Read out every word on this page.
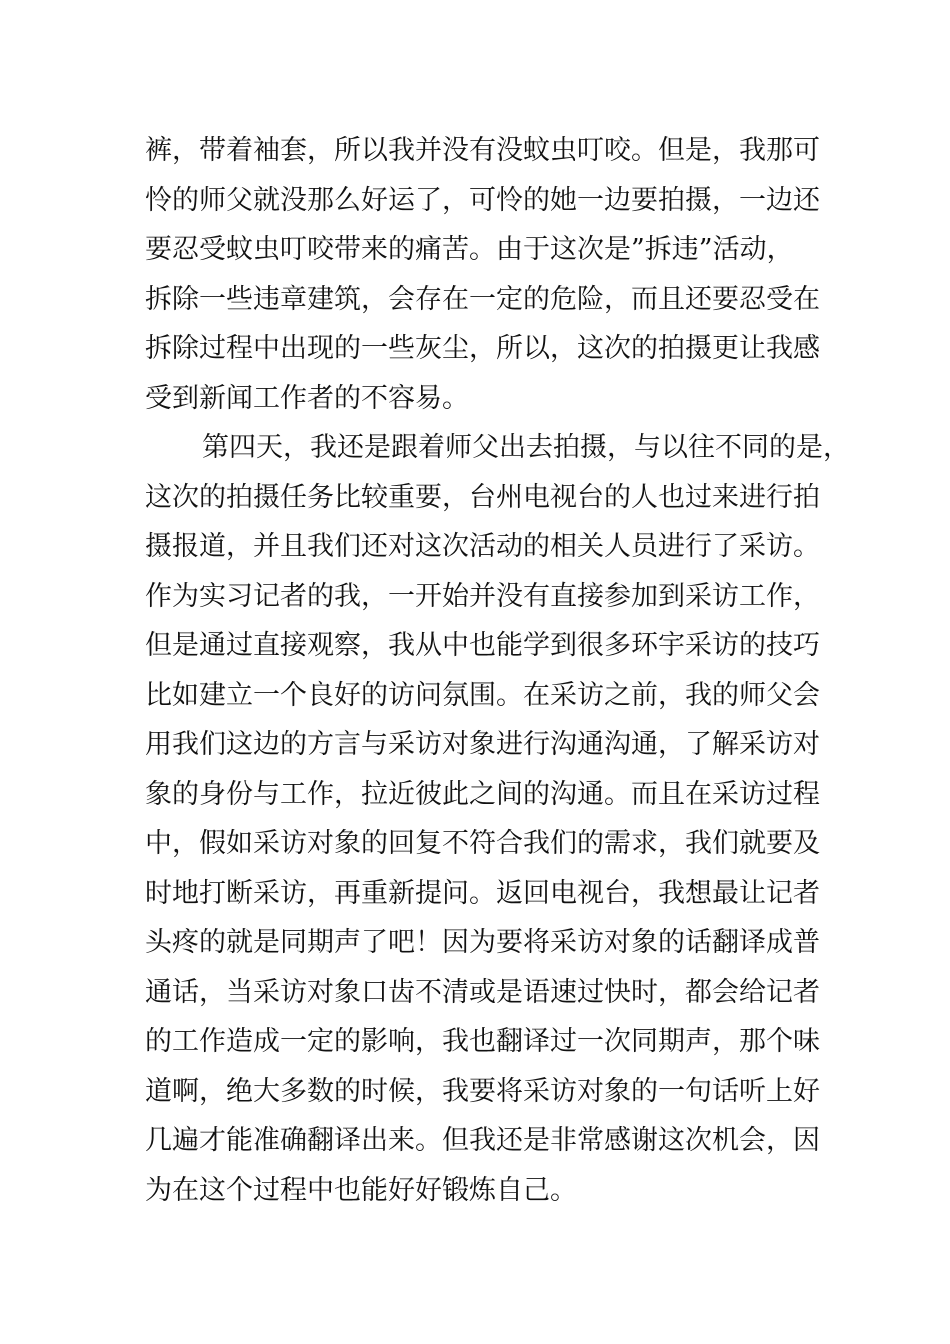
裤，带着袖套，所以我并没有没蚊虫叮咬。但是，我那可
怜的师父就没那么好运了，可怜的她一边要拍摄，一边还
要忍受蚊虫叮咬带来的痛苦。由于这次是”拆违”活动，
拆除一些违章建筑，会存在一定的危险，而且还要忍受在
拆除过程中出现的一些灰尘，所以，这次的拍摄更让我感
受到新闻工作者的不容易。
第四天，我还是跟着师父出去拍摄，与以往不同的是，
这次的拍摄任务比较重要，台州电视台的人也过来进行拍
摄报道，并且我们还对这次活动的相关人员进行了采访。
作为实习记者的我，一开始并没有直接参加到采访工作，
但是通过直接观察，我从中也能学到很多环宇采访的技巧
比如建立一个良好的访问氛围。在采访之前，我的师父会
用我们这边的方言与采访对象进行沟通沟通，了解采访对
象的身份与工作，拉近彼此之间的沟通。而且在采访过程
中，假如采访对象的回复不符合我们的需求，我们就要及
时地打断采访，再重新提问。返回电视台，我想最让记者
头疼的就是同期声了吧！因为要将采访对象的话翻译成普
通话，当采访对象口齿不清或是语速过快时，都会给记者
的工作造成一定的影响，我也翻译过一次同期声，那个味
道啊，绝大多数的时候，我要将采访对象的一句话听上好
几遍才能准确翻译出来。但我还是非常感谢这次机会，因
为在这个过程中也能好好锻炼自己。
